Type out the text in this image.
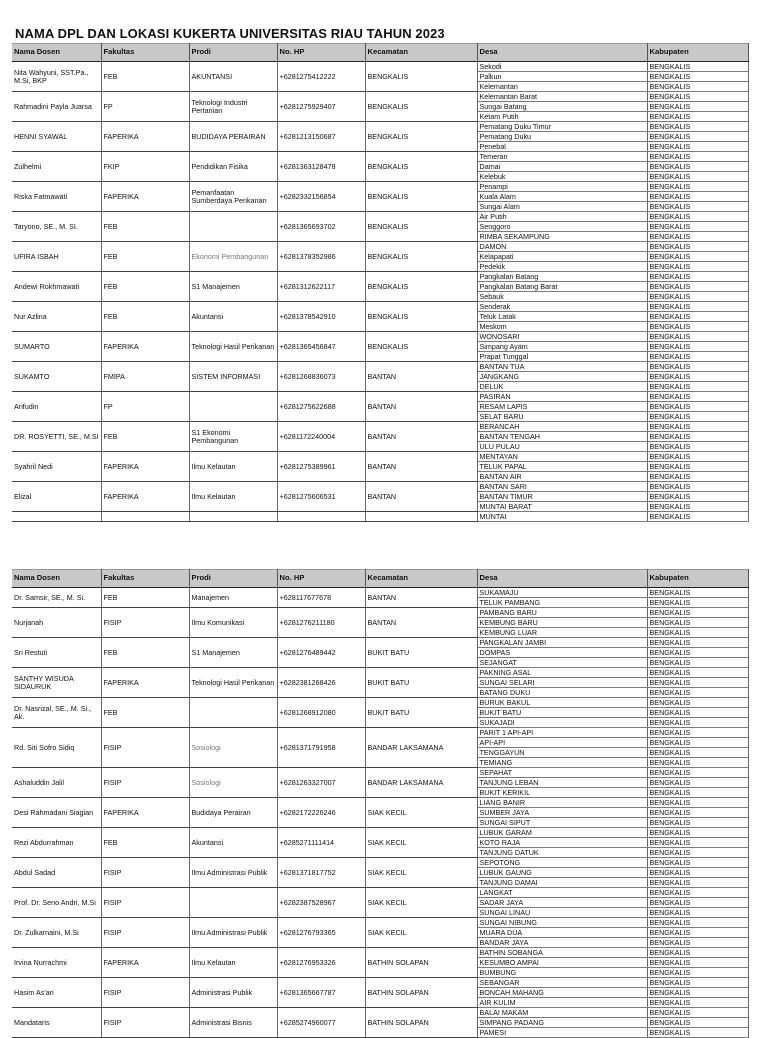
NAMA DPL DAN LOKASI KUKERTA UNIVERSITAS RIAU TAHUN 2023
Nama Dosen	Fakultas	Prodi	No. HP	Kecamatan	Desa	Kabupaten
Nita Wahyuni, SST.Pa., M.Si, BKP	FEB	AKUNTANSI	+6281275412222	BENGKALIS	Sekodi	BENGKALIS
					Palkun	BENGKALIS
					Kelemantan	BENGKALIS
Rahmadini Payla Juarsa	FP	Teknologi Industri Pertanian	+6281275929407	BENGKALIS	Kelemantan Barat	BENGKALIS
					Sungai Batang	BENGKALIS
					Ketam Putih	BENGKALIS
HENNI SYAWAL	FAPERIKA	BUDIDAYA PERAIRAN	+6281213150687	BENGKALIS	Pematang Duku Timur	BENGKALIS
					Pematang Duku	BENGKALIS
					Penebal	BENGKALIS
Zulhelmi	FKIP	Pendidikan Fisika	+6281363128478	BENGKALIS	Temeran	BENGKALIS
					Damai	BENGKALIS
					Kelebuk	BENGKALIS
Riska Fatmawati	FAPERIKA	Pemanfaatan Sumberdaya Perikanan	+6282332156854	BENGKALIS	Penampi	BENGKALIS
					Kuala Alam	BENGKALIS
					Sungai Alam	BENGKALIS
Taryono, SE., M. SI.	FEB		+6281365693702	BENGKALIS	Air Putih	BENGKALIS
					Senggoro	BENGKALIS
					RIMBA SEKAMPUNG	BENGKALIS
UFIRA ISBAH	FEB	Ekonomi Pembangunan	+6281378352986	BENGKALIS	DAMON	BENGKALIS
					Kelapapati	BENGKALIS
					Pedekik	BENGKALIS
Andewi Rokhmawati	FEB	S1 Manajemen	+6281312622117	BENGKALIS	Pangkalan Batang	BENGKALIS
					Pangkalan Batang Barat	BENGKALIS
					Sebauk	BENGKALIS
Nur Azlina	FEB	Akuntansi	+6281378542910	BENGKALIS	Senderak	BENGKALIS
					Teluk Latak	BENGKALIS
					Meskom	BENGKALIS
SUMARTO	FAPERIKA	Teknologi Hasil Perikanan	+6281365456847	BENGKALIS	WONOSARI	BENGKALIS
					Simpang Ayam	BENGKALIS
					Prapat Tunggal	BENGKALIS
SUKAMTO	FMIPA	SISTEM INFORMASI	+6281268836073	BANTAN	BANTAN TUA	BENGKALIS
					JANGKANG	BENGKALIS
					DELUK	BENGKALIS
Arifudin	FP		+6281275622688	BANTAN	PASIRAN	BENGKALIS
					RESAM LAPIS	BENGKALIS
					SELAT BARU	BENGKALIS
DR. ROSYETTI, SE., M.SI	FEB	S1 Ekonomi Pembangunan	+6281172240004	BANTAN	BERANCAH	BENGKALIS
					BANTAN TENGAH	BENGKALIS
					ULU PULAU	BENGKALIS
Syahril Nedi	FAPERIKA	Ilmu Kelautan	+6281275389961	BANTAN	MENTAYAN	BENGKALIS
					TELUK PAPAL	BENGKALIS
					BANTAN AIR	BENGKALIS
Elizal	FAPERIKA	Ilmu Kelautan	+6281275606531	BANTAN	BANTAN SARI	BENGKALIS
					BANTAN TIMUR	BENGKALIS
					MUNTAI BARAT	BENGKALIS
					MUNTAI	BENGKALIS
Nama Dosen	Fakultas	Prodi	No. HP	Kecamatan	Desa	Kabupaten
Dr. Samsir, SE., M. Si.	FEB	Manajemen	+628117677678	BANTAN	SUKAMAJU	BENGKALIS
					TELUK PAMBANG	BENGKALIS
Nurjanah	FISIP	Ilmu Komunikasi	+6281276211180	BANTAN	PAMBANG BARU	BENGKALIS
					KEMBUNG BARU	BENGKALIS
					KEMBUNG LUAR	BENGKALIS
Sri Restuti	FEB	S1 Manajemen	+6281276489442	BUKIT BATU	PANGKALAN JAMBI	BENGKALIS
					DOMPAS	BENGKALIS
					SEJANGAT	BENGKALIS
SANTHY WISUDA SIDAURUK	FAPERIKA	Teknologi Hasil Perikanan	+6282381268426	BUKIT BATU	PAKNING ASAL	BENGKALIS
					SUNGAI SELARI	BENGKALIS
					BATANG DUKU	BENGKALIS
Dr. Nasrizal, SE., M. Si., Ak.	FEB		+6281268912080	BUKIT BATU	BURUK BAKUL	BENGKALIS
					BUKIT BATU	BENGKALIS
					SUKAJADI	BENGKALIS
Rd. Siti Sofro Sidiq	FISIP	Sosiologi	+6281371791958	BANDAR LAKSAMANA	PARIT 1 API-API	BENGKALIS
					API-API	BENGKALIS
					TENGGAYUN	BENGKALIS
					TEMIANG	BENGKALIS
Ashaluddin Jalil	FISIP	Sosiologi	+6281263327007	BANDAR LAKSAMANA	SEPAHAT	BENGKALIS
					TANJUNG LEBAN	BENGKALIS
					BUKIT KERIKIL	BENGKALIS
Desi Rahmadani Siagian	FAPERIKA	Budidaya Perairan	+6282172226246	SIAK KECIL	LIANG BANIR	BENGKALIS
					SUMBER JAYA	BENGKALIS
					SUNGAI SIPUT	BENGKALIS
Rezi Abdurrahman	FEB	Akuntansi	+6285271111414	SIAK KECIL	LUBUK GARAM	BENGKALIS
					KOTO RAJA	BENGKALIS
					TANJUNG DATUK	BENGKALIS
Abdul Sadad	FISIP	Ilmu Administrasi Publik	+6281371817752	SIAK KECIL	SEPOTONG	BENGKALIS
					LUBUK GAUNG	BENGKALIS
					TANJUNG DAMAI	BENGKALIS
Prof. Dr. Seno Andri, M.Si	FISIP		+6282387528967	SIAK KECIL	LANGKAT	BENGKALIS
					SADAR JAYA	BENGKALIS
					SUNGAI LINAU	BENGKALIS
Dr. Zulkarnaini, M.Si	FISIP	Ilmu Administrasi Publik	+6281276793365	SIAK KECIL	SUNGAI NIBUNG	BENGKALIS
					MUARA DUA	BENGKALIS
					BANDAR JAYA	BENGKALIS
Irvina Nurrachmi	FAPERIKA	Ilmu Kelautan	+6281276953326	BATHIN SOLAPAN	BATHIN SOBANGA	BENGKALIS
					KESUMBO AMPAI	BENGKALIS
					BUMBUNG	BENGKALIS
Hasim As'ari	FISIP	Administrasi Publik	+6281365667787	BATHIN SOLAPAN	SEBANGAR	BENGKALIS
					BONCAH MAHANG	BENGKALIS
					AIR KULIM	BENGKALIS
Mandataris	FISIP	Administrasi Bisnis	+6285274960077	BATHIN SOLAPAN	BALAI MAKAM	BENGKALIS
					SIMPANG PADANG	BENGKALIS
					PAMESI	BENGKALIS
